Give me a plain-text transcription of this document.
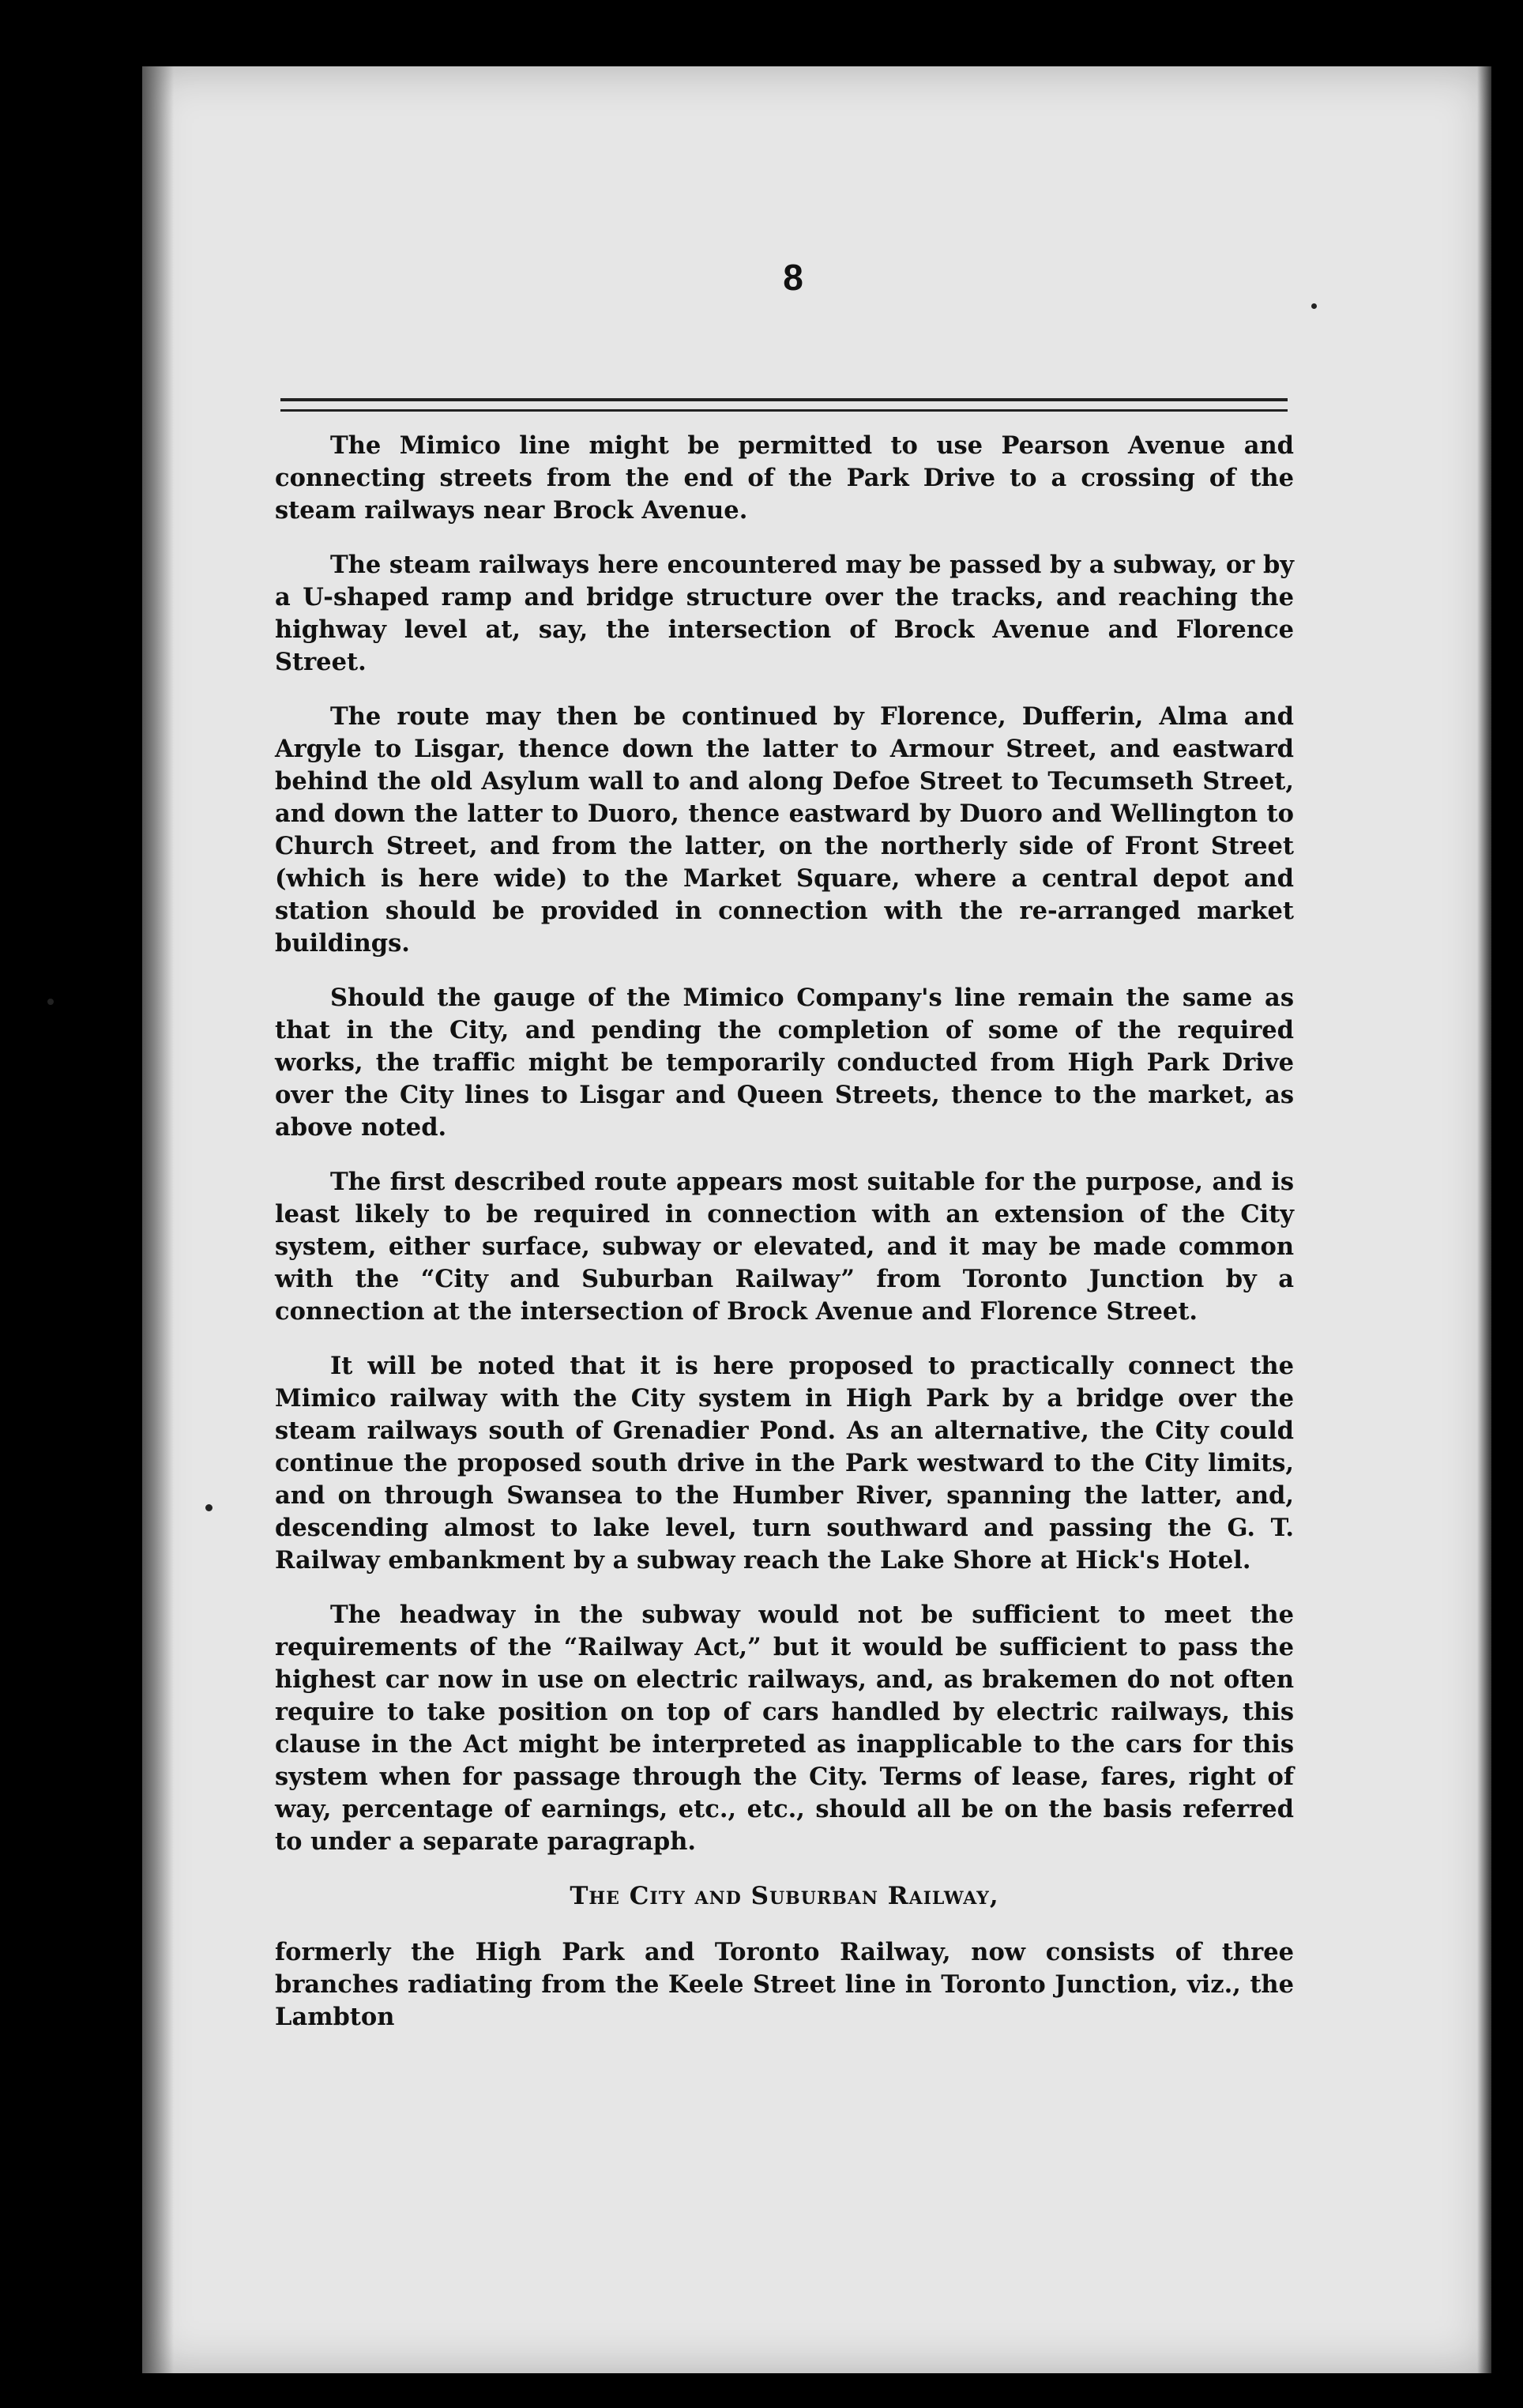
8

The Mimico line might be permitted to use Pearson Avenue and connecting streets from the end of the Park Drive to a crossing of the steam railways near Brock Avenue.

The steam railways here encountered may be passed by a subway, or by a U-shaped ramp and bridge structure over the tracks, and reaching the highway level at, say, the intersection of Brock Avenue and Florence Street.

The route may then be continued by Florence, Dufferin, Alma and Argyle to Lisgar, thence down the latter to Armour Street, and eastward behind the old Asylum wall to and along Defoe Street to Tecumseth Street, and down the latter to Duoro, thence eastward by Duoro and Wellington to Church Street, and from the latter, on the northerly side of Front Street (which is here wide) to the Market Square, where a central depot and station should be provided in connection with the re-arranged market buildings.

Should the gauge of the Mimico Company's line remain the same as that in the City, and pending the completion of some of the required works, the traffic might be temporarily conducted from High Park Drive over the City lines to Lisgar and Queen Streets, thence to the market, as above noted.

The first described route appears most suitable for the purpose, and is least likely to be required in connection with an extension of the City system, either surface, subway or elevated, and it may be made common with the “City and Suburban Railway” from Toronto Junction by a connection at the intersection of Brock Avenue and Florence Street.

It will be noted that it is here proposed to practically connect the Mimico railway with the City system in High Park by a bridge over the steam railways south of Grenadier Pond. As an alternative, the City could continue the proposed south drive in the Park westward to the City limits, and on through Swansea to the Humber River, spanning the latter, and, descending almost to lake level, turn southward and passing the G. T. Railway embankment by a subway reach the Lake Shore at Hick's Hotel.

The headway in the subway would not be sufficient to meet the requirements of the “Railway Act,” but it would be sufficient to pass the highest car now in use on electric railways, and, as brakemen do not often require to take position on top of cars handled by electric railways, this clause in the Act might be interpreted as inapplicable to the cars for this system when for passage through the City. Terms of lease, fares, right of way, percentage of earnings, etc., etc., should all be on the basis referred to under a separate paragraph.

The City and Suburban Railway,

formerly the High Park and Toronto Railway, now consists of three branches radiating from the Keele Street line in Toronto Junction, viz., the Lambton
